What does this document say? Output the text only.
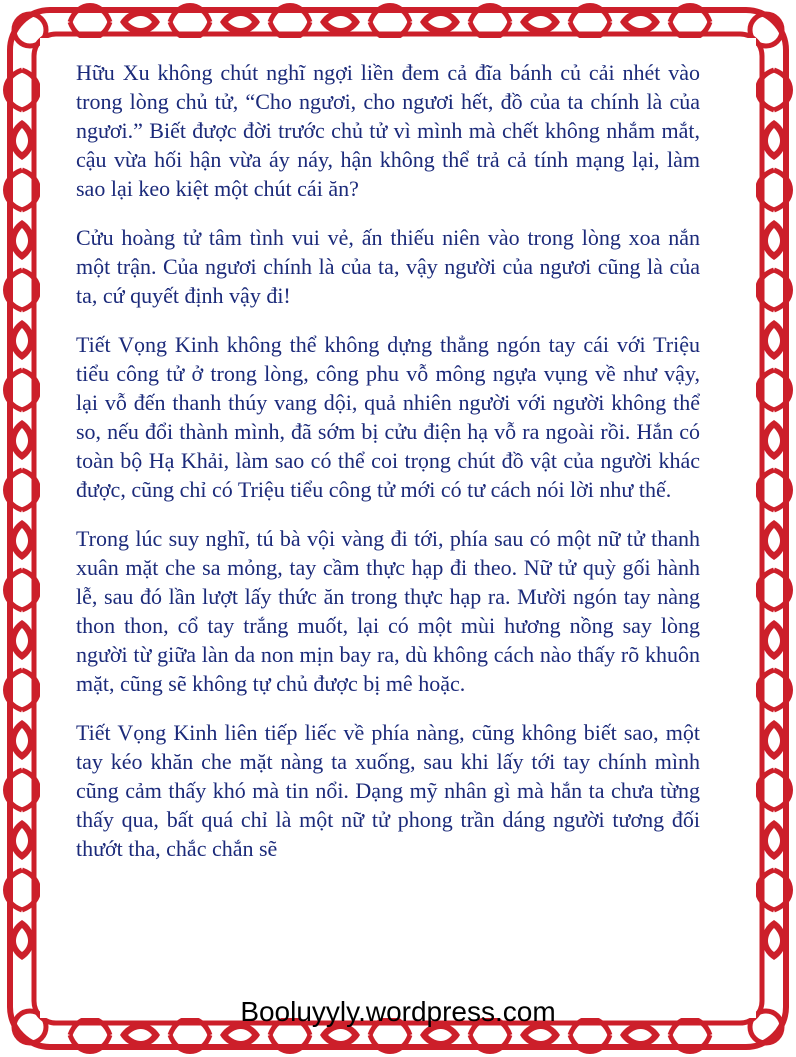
Hữu Xu không chút nghĩ ngợi liền đem cả đĩa bánh củ cải nhét vào trong lòng chủ tử, “Cho ngươi, cho ngươi hết, đồ của ta chính là của ngươi.” Biết được đời trước chủ tử vì mình mà chết không nhắm mắt, cậu vừa hối hận vừa áy náy, hận không thể trả cả tính mạng lại, làm sao lại keo kiệt một chút cái ăn?

Cửu hoàng tử tâm tình vui vẻ, ấn thiếu niên vào trong lòng xoa nắn một trận. Của ngươi chính là của ta, vậy người của ngươi cũng là của ta, cứ quyết định vậy đi!

Tiết Vọng Kinh không thể không dựng thẳng ngón tay cái với Triệu tiểu công tử ở trong lòng, công phu vỗ mông ngựa vụng về như vậy, lại vỗ đến thanh thúy vang dội, quả nhiên người với người không thể so, nếu đổi thành mình, đã sớm bị cửu điện hạ vỗ ra ngoài rồi. Hắn có toàn bộ Hạ Khải, làm sao có thể coi trọng chút đồ vật của người khác được, cũng chỉ có Triệu tiểu công tử mới có tư cách nói lời như thế.

Trong lúc suy nghĩ, tú bà vội vàng đi tới, phía sau có một nữ tử thanh xuân mặt che sa mỏng, tay cầm thực hạp đi theo. Nữ tử quỳ gối hành lễ, sau đó lần lượt lấy thức ăn trong thực hạp ra. Mười ngón tay nàng thon thon, cổ tay trắng muốt, lại có một mùi hương nồng say lòng người từ giữa làn da non mịn bay ra, dù không cách nào thấy rõ khuôn mặt, cũng sẽ không tự chủ được bị mê hoặc.

Tiết Vọng Kinh liên tiếp liếc về phía nàng, cũng không biết sao, một tay kéo khăn che mặt nàng ta xuống, sau khi lấy tới tay chính mình cũng cảm thấy khó mà tin nổi. Dạng mỹ nhân gì mà hắn ta chưa từng thấy qua, bất quá chỉ là một nữ tử phong trần dáng người tương đối thướt tha, chắc chắn sẽ

Booluyyly.wordpress.com
